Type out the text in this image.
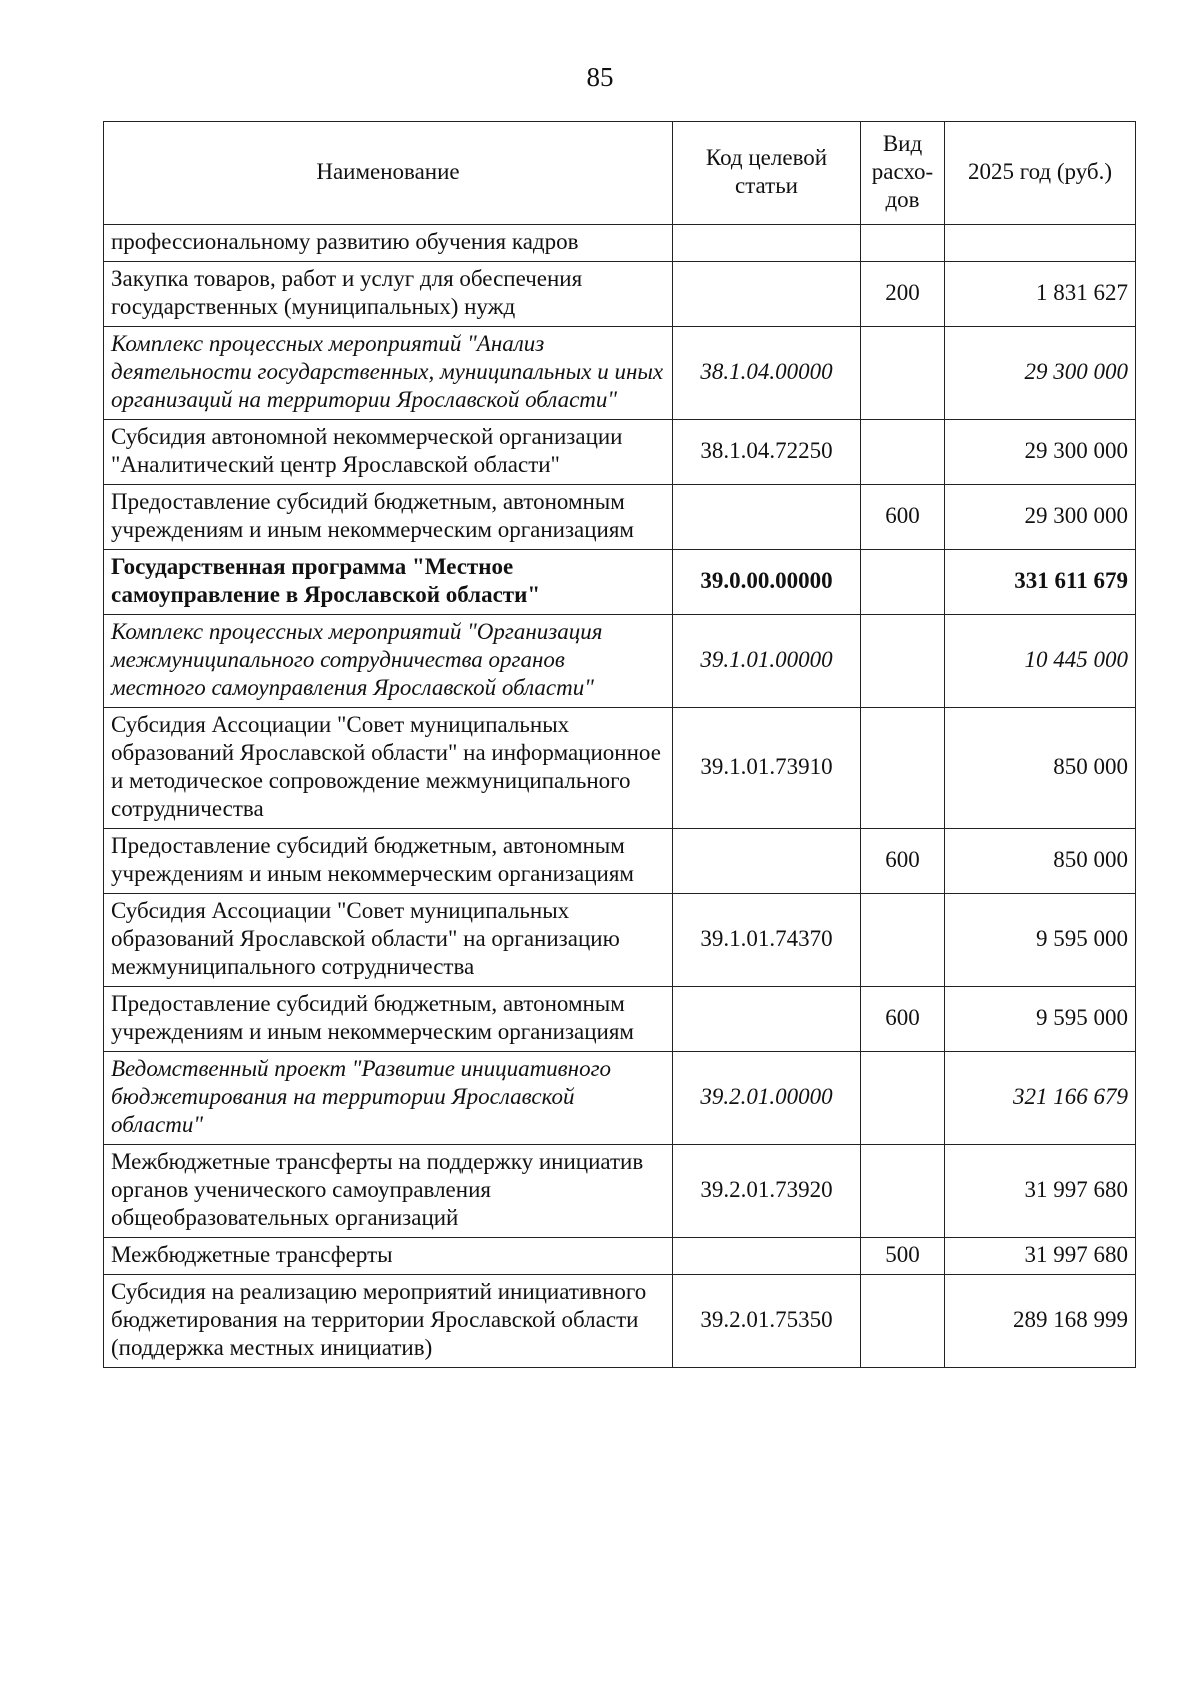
85
Наименование	Код целевой статьи	Вид расхо-дов	2025 год (руб.)
профессиональному развитию обучения кадров			
Закупка товаров, работ и услуг для обеспечения государственных (муниципальных) нужд		200	1 831 627
Комплекс процессных мероприятий "Анализ деятельности государственных, муниципальных и иных организаций на территории Ярославской области"	38.1.04.00000		29 300 000
Субсидия автономной некоммерческой организации "Аналитический центр Ярославской области"	38.1.04.72250		29 300 000
Предоставление субсидий бюджетным, автономным учреждениям и иным некоммерческим организациям		600	29 300 000
Государственная программа "Местное самоуправление в Ярославской области"	39.0.00.00000		331 611 679
Комплекс процессных мероприятий "Организация межмуниципального сотрудничества органов местного самоуправления Ярославской области"	39.1.01.00000		10 445 000
Субсидия Ассоциации "Совет муниципальных образований Ярославской области" на информационное и методическое сопровождение межмуниципального сотрудничества	39.1.01.73910		850 000
Предоставление субсидий бюджетным, автономным учреждениям и иным некоммерческим организациям		600	850 000
Субсидия Ассоциации "Совет муниципальных образований Ярославской области" на организацию межмуниципального сотрудничества	39.1.01.74370		9 595 000
Предоставление субсидий бюджетным, автономным учреждениям и иным некоммерческим организациям		600	9 595 000
Ведомственный проект "Развитие инициативного бюджетирования на территории Ярославской области"	39.2.01.00000		321 166 679
Межбюджетные трансферты на поддержку инициатив органов ученического самоуправления общеобразовательных организаций	39.2.01.73920		31 997 680
Межбюджетные трансферты		500	31 997 680
Субсидия на реализацию мероприятий инициативного бюджетирования на территории Ярославской области (поддержка местных инициатив)	39.2.01.75350		289 168 999
